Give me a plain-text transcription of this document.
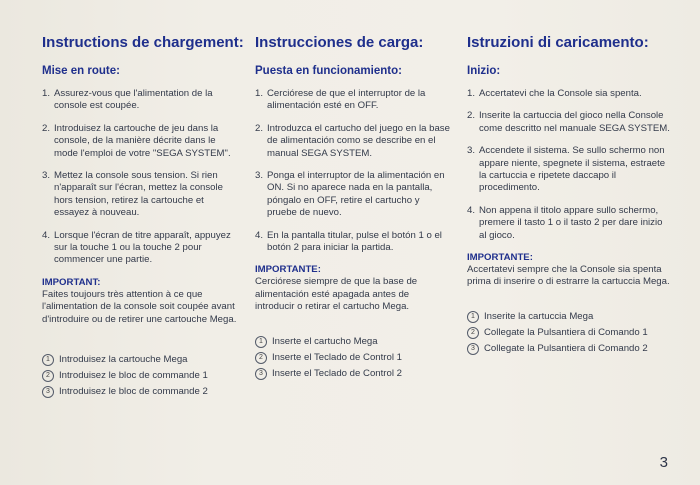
Instructions de chargement:
Mise en route:
1. Assurez-vous que l'alimentation de la console est coupée.
2. Introduisez la cartouche de jeu dans la console, de la manière décrite dans le mode l'emploi de votre "SEGA SYSTEM".
3. Mettez la console sous tension. Si rien n'apparaît sur l'écran, mettez la console hors tension, retirez la cartouche et essayez à nouveau.
4. Lorsque l'écran de titre apparaît, appuyez sur la touche 1 ou la touche 2 pour commencer une partie.
IMPORTANT:

Faites toujours très attention à ce que l'alimentation de la console soit coupée avant d'introduire ou de retirer une cartouche Mega.

1 Introduisez la cartouche Mega
2 Introduisez le bloc de commande 1
3 Introduisez le bloc de commande 2
Instrucciones de carga:
Puesta en funcionamiento:
1. Cerciórese de que el interruptor de la alimentación esté en OFF.
2. Introduzca el cartucho del juego en la base de alimentación como se describe en el manual SEGA SYSTEM.
3. Ponga el interruptor de la alimentación en ON. Si no aparece nada en la pantalla, póngalo en OFF, retire el cartucho y pruebe de nuevo.
4. En la pantalla titular, pulse el botón 1 o el botón 2 para iniciar la partida.
IMPORTANTE:

Cerciórese siempre de que la base de alimentación esté apagada antes de introducir o retirar el cartucho Mega.

1 Inserte el cartucho Mega
2 Inserte el Teclado de Control 1
3 Inserte el Teclado de Control 2
Istruzioni di caricamento:
Inizio:
1. Accertatevi che la Console sia spenta.
2. Inserite la cartuccia del gioco nella Console come descritto nel manuale SEGA SYSTEM.
3. Accendete il sistema. Se sullo schermo non appare niente, spegnete il sistema, estraete la cartuccia e ripetete daccapo il procedimento.
4. Non appena il titolo appare sullo schermo, premere il tasto 1 o il tasto 2 per dare inizio al gioco.
IMPORTANTE:

Accertatevi sempre che la Console sia spenta prima di inserire o di estrarre la cartuccia Mega.

1 Inserite la cartuccia Mega
2 Collegate la Pulsantiera di Comando 1
3 Collegate la Pulsantiera di Comando 2
3
